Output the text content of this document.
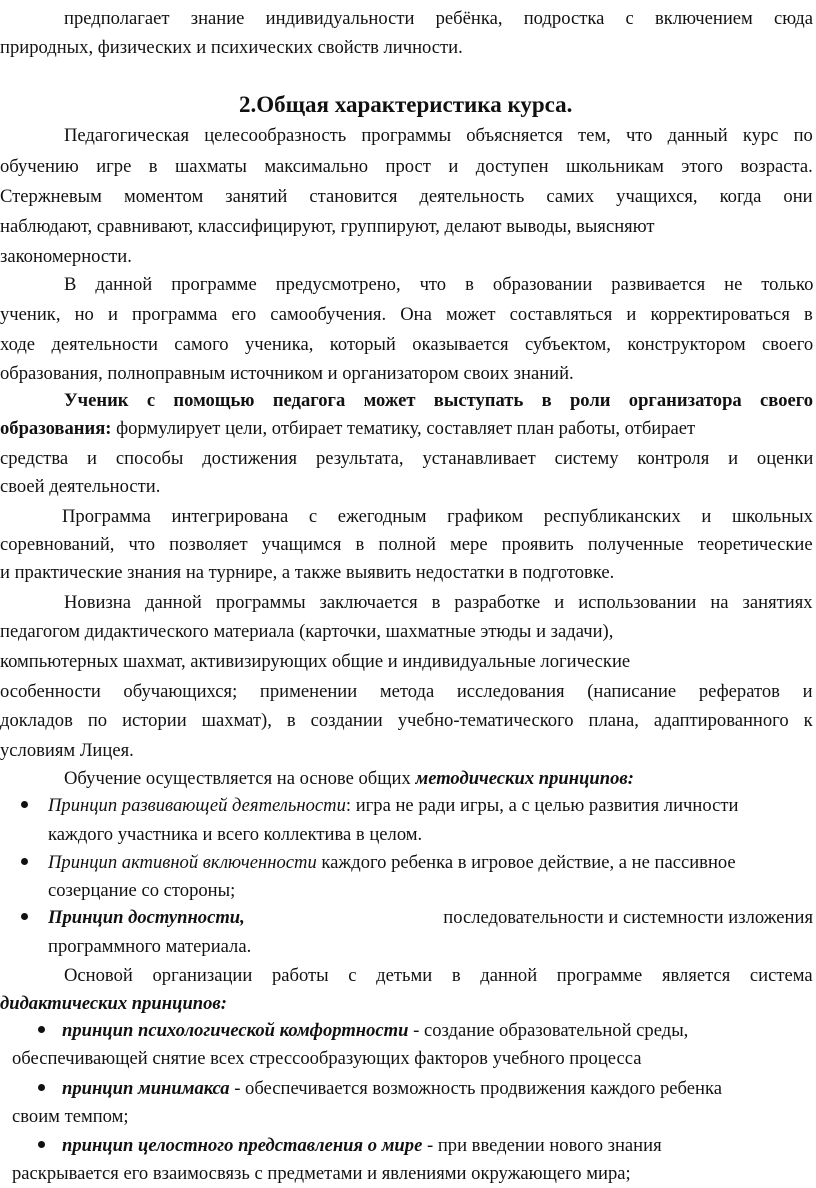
предполагает знание индивидуальности ребёнка, подростка с включением сюда
природных, физических и психических свойств личности.
2.Общая характеристика курса.
Педагогическая целесообразность программы объясняется тем, что данный курс по
обучению игре в шахматы максимально прост и доступен школьникам этого возраста.
Стержневым моментом занятий становится деятельность самих учащихся, когда они
наблюдают, сравнивают, классифицируют, группируют, делают выводы, выясняют
закономерности.
В данной программе предусмотрено, что в образовании развивается не только
ученик, но и программа его самообучения. Она может составляться и корректироваться в
ходе деятельности самого ученика, который оказывается субъектом, конструктором своего
образования, полноправным источником и организатором своих знаний.
Ученик с помощью педагога может выступать в роли организатора своего
образования: формулирует цели, отбирает тематику, составляет план работы, отбирает
средства и способы достижения результата, устанавливает систему контроля и оценки
своей деятельности.
Программа интегрирована с ежегодным графиком республиканских и школьных
соревнований, что позволяет учащимся в полной мере проявить полученные теоретические
и практические знания на турнире, а также выявить недостатки в подготовке.
Новизна данной программы заключается в разработке и использовании на занятиях
педагогом дидактического материала (карточки, шахматные этюды и задачи),
компьютерных шахмат, активизирующих общие и индивидуальные логические
особенности обучающихся; применении метода исследования (написание рефератов и
докладов по истории шахмат), в создании учебно-тематического плана, адаптированного к
условиям Лицея.
Обучение осуществляется на основе общих методических принципов:
Принцип развивающей деятельности: игра не ради игры, а с целью развития личности
каждого участника и всего коллектива в целом.
Принцип активной включенности каждого ребенка в игровое действие, а не пассивное
созерцание со стороны;
Принцип доступности,	последовательности и системности изложения
программного материала.
Основой организации работы с детьми в данной программе является система
дидактических принципов:
принцип психологической комфортности - создание образовательной среды,
обеспечивающей снятие всех стрессообразующих факторов учебного процесса
принцип минимакса - обеспечивается возможность продвижения каждого ребенка
своим темпом;
принцип целостного представления о мире - при введении нового знания
раскрывается его взаимосвязь с предметами и явлениями окружающего мира;
